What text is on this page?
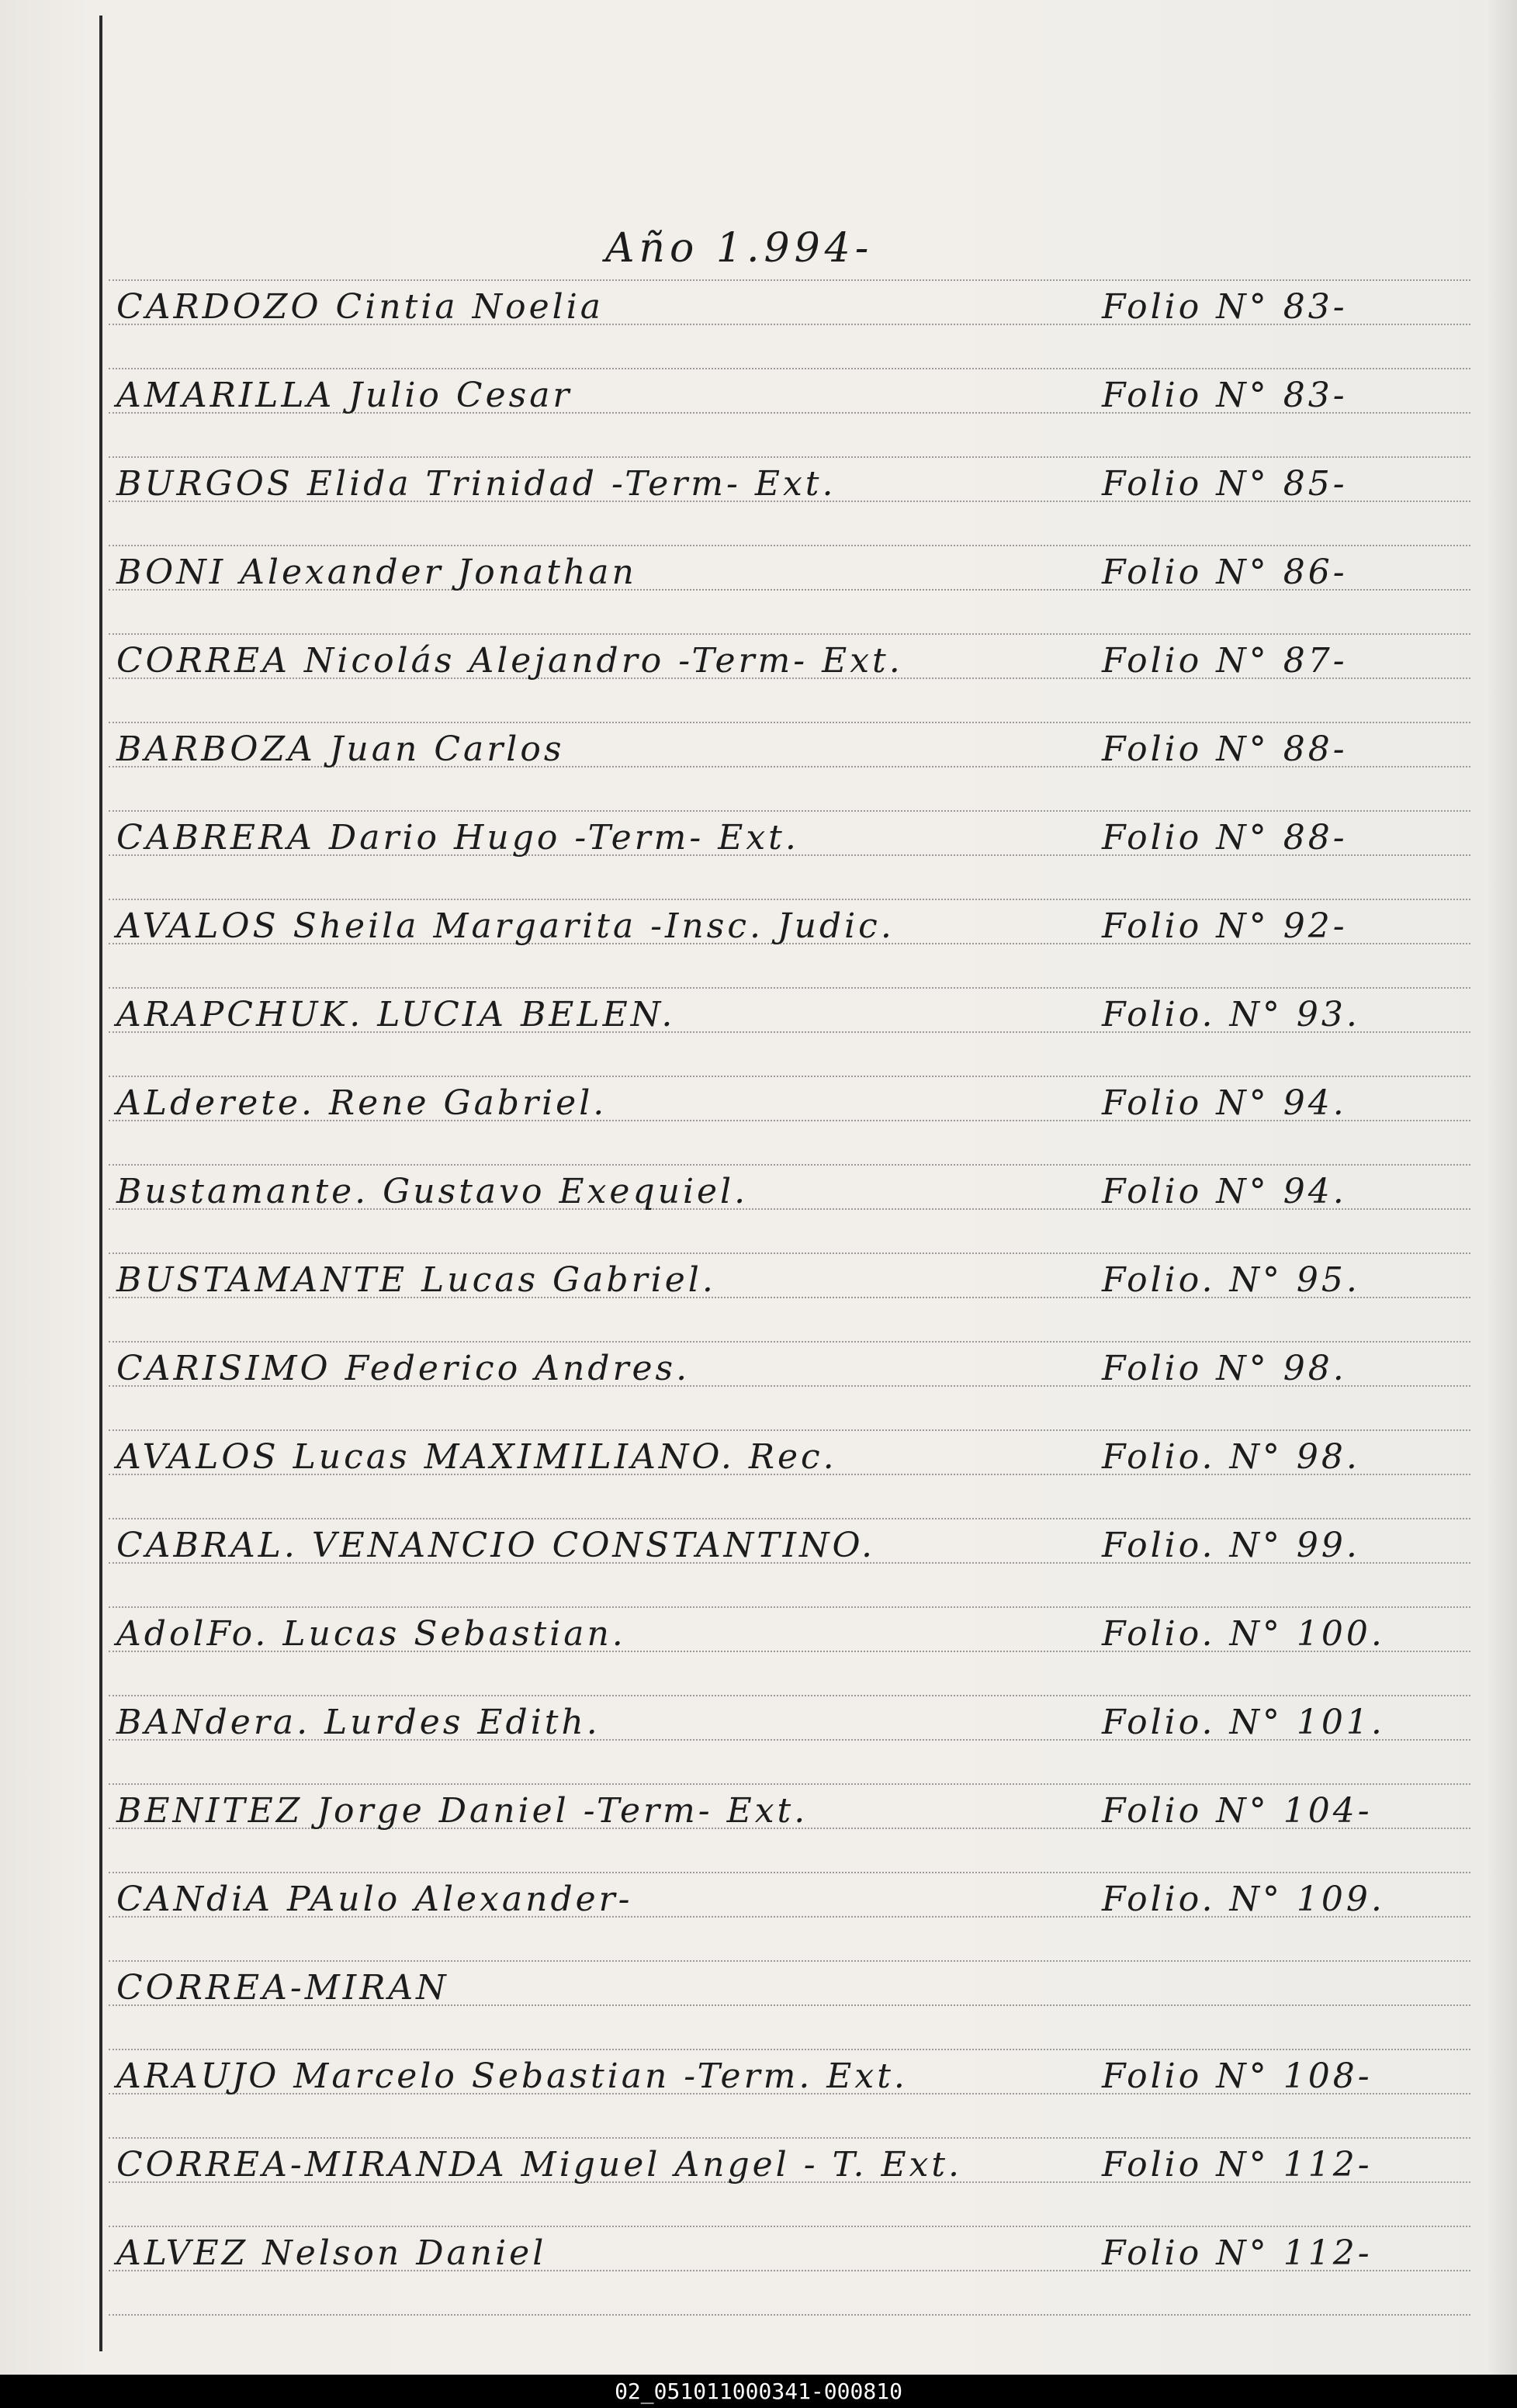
Año 1.994-
CARDOZO Cintia Noelia	Folio N° 83-
AMARILLA Julio Cesar	Folio N° 83-
BURGOS Elida Trinidad -Term- Ext.	Folio N° 85-
BONI Alexander Jonathan	Folio N° 86-
CORREA Nicolás Alejandro -Term- Ext.	Folio N° 87-
BARBOZA Juan Carlos	Folio N° 88-
CABRERA Dario Hugo -Term- Ext.	Folio N° 88-
AVALOS Sheila Margarita -Insc. Judic.	Folio N° 92-
ARAPCHUK. LUCIA BELEN.	Folio. N° 93.
ALderete. Rene Gabriel.	Folio N° 94.
Bustamante. Gustavo Exequiel.	Folio N° 94.
BUSTAMANTE Lucas Gabriel.	Folio. N° 95.
CARISIMO Federico Andres.	Folio N° 98.
AVALOS Lucas MAXIMILIANO. Rec.	Folio. N° 98.
CABRAL. VENANCIO CONSTANTINO.	Folio. N° 99.
AdolFo. Lucas Sebastian.	Folio. N° 100.
BANdera. Lurdes Edith.	Folio. N° 101.
BENITEZ Jorge Daniel -Term- Ext.	Folio N° 104-
CANdiA PAulo Alexander-	Folio. N° 109.
CORREA-MIRAN
ARAUJO Marcelo Sebastian -Term. Ext.	Folio N° 108-
CORREA-MIRANDA Miguel Angel - T. Ext.	Folio N° 112-
ALVEZ Nelson Daniel	Folio N° 112-
02_051011000341-000810
